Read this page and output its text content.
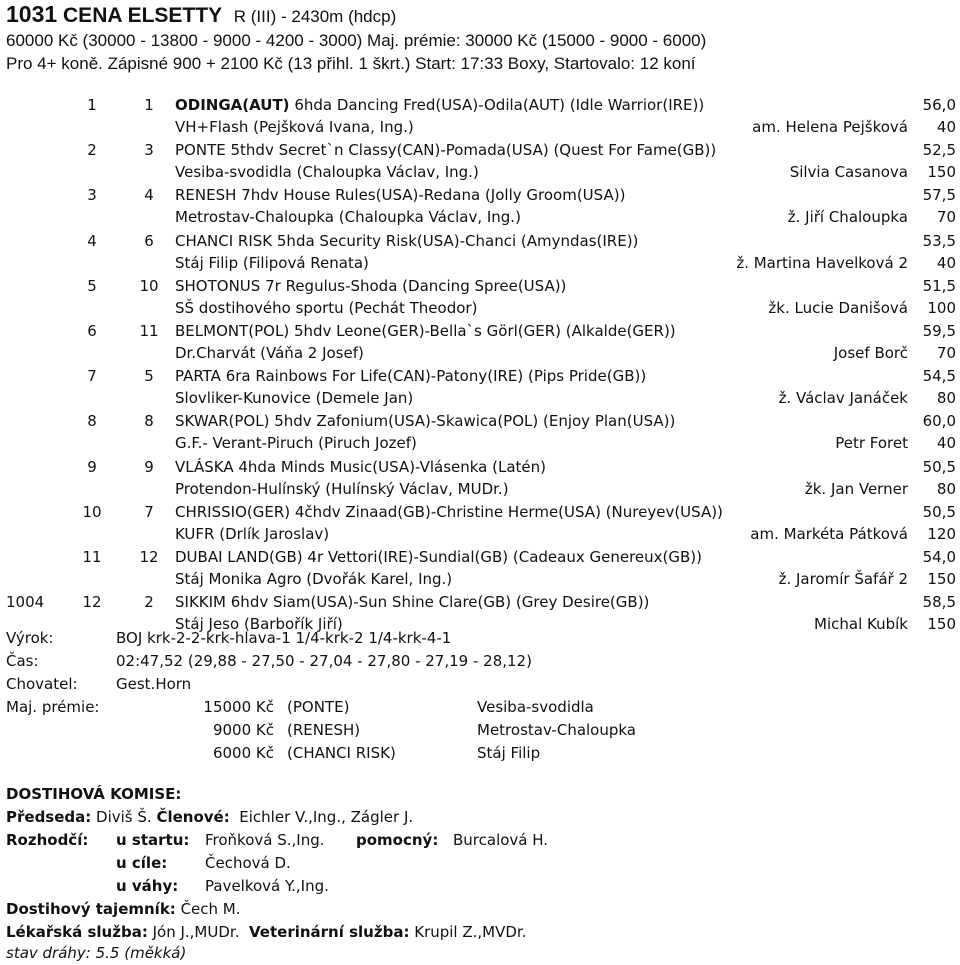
1031 CENA ELSETTY R (III) - 2430m (hdcp)
60000 Kč (30000 - 13800 - 9000 - 4200 - 3000) Maj. prémie: 30000 Kč (15000 - 9000 - 6000)
Pro 4+ koně. Zápisné 900 + 2100 Kč (13 přihl. 1 škrt.) Start: 17:33 Boxy, Startovalo: 12 koní
1	1	ODINGA(AUT) 6hda Dancing Fred(USA)-Odila(AUT) (Idle Warrior(IRE))	56,0
VH+Flash (Pejšková Ivana, Ing.)	am. Helena Pejšková 40
2	3	PONTE 5thdv Secret`n Classy(CAN)-Pomada(USA) (Quest For Fame(GB))	52,5
Vesiba-svodidla (Chaloupka Václav, Ing.)	Silvia Casanova 150
3	4	RENESH 7hdv House Rules(USA)-Redana (Jolly Groom(USA))	57,5
Metrostav-Chaloupka (Chaloupka Václav, Ing.)	ž. Jiří Chaloupka 70
4	6	CHANCI RISK 5hda Security Risk(USA)-Chanci (Amyndas(IRE))	53,5
Stáj Filip (Filipová Renata)	ž. Martina Havelková 2 40
5	10 SHOTONUS 7r Regulus-Shoda (Dancing Spree(USA))	51,5
SŠ dostihového sportu (Pechát Theodor)	žk. Lucie Danišová 100
6	11 BELMONT(POL) 5hdv Leone(GER)-Bella`s Görl(GER) (Alkalde(GER))	59,5
Dr.Charvát (Váňa 2 Josef)	Josef Borč 70
7	5	PARTA 6ra Rainbows For Life(CAN)-Patony(IRE) (Pips Pride(GB))	54,5
Slovliker-Kunovice (Demele Jan)	ž. Václav Janáček 80
8	8	SKWAR(POL) 5hdv Zafonium(USA)-Skawica(POL) (Enjoy Plan(USA))	60,0
G.F.- Verant-Piruch (Piruch Jozef)	Petr Foret 40
9	9	VLÁSKA 4hda Minds Music(USA)-Vlásenka (Latén)	50,5
Protendon-Hulínský (Hulínský Václav, MUDr.)	žk. Jan Verner 80
10	7	CHRISSIO(GER) 4čhdv Zinaad(GB)-Christine Herme(USA) (Nureyev(USA))	50,5
KUFR (Drlík Jaroslav)	am. Markéta Pátková 120
11	12 DUBAI LAND(GB) 4r Vettori(IRE)-Sundial(GB) (Cadeaux Genereux(GB))	54,0
Stáj Monika Agro (Dvořák Karel, Ing.)	ž. Jaromír Šafář 2 150
1004	12	2	SIKKIM 6hdv Siam(USA)-Sun Shine Clare(GB) (Grey Desire(GB))	58,5
Stáj Jeso (Barbořík Jiří)	Michal Kubík 150
Výrok:	BOJ krk-2-2-krk-hlava-1 1/4-krk-2 1/4-krk-4-1
Čas:	02:47,52 (29,88 - 27,50 - 27,04 - 27,80 - 27,19 - 28,12)
Chovatel:	Gest.Horn
Maj. prémie:	15000 Kč (PONTE)	Vesiba-svodidla
9000 Kč (RENESH)	Metrostav-Chaloupka
6000 Kč (CHANCI RISK)	Stáj Filip
DOSTIHOVÁ KOMISE:
Předseda: Diviš Š. Členové: Eichler V.,Ing., Zágler J.
Rozhodčí: u startu: Froňková S.,Ing. pomocný: Burcalová H.
u cíle:	Čechová D.
u váhy: Pavelková Y.,Ing.
Dostihový tajemník: Čech M.
Lékařská služba: Jón J.,MUDr. Veterinární služba: Krupil Z.,MVDr.
stav dráhy: 5.5 (měkká)
